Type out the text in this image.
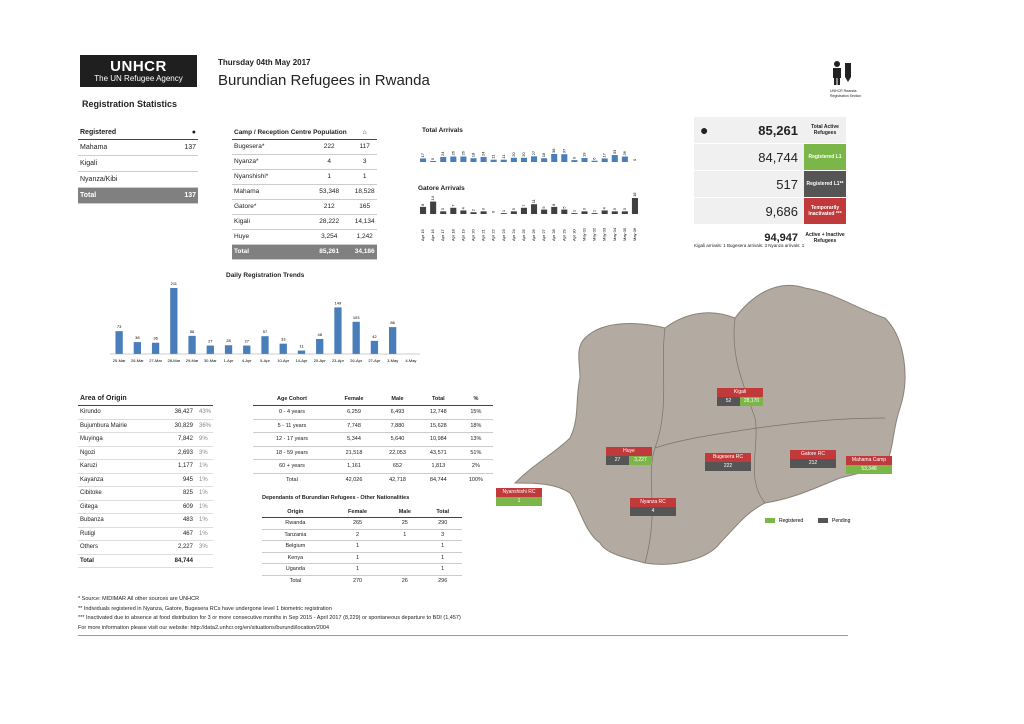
UNHCR
The UN Refugee Agency
Thursday 04th May 2017
Burundian Refugees in Rwanda
Registration Statistics
UNHCR Rwanda Registration Section
Registered	●
Mahama	137
Kigali	
Nyanza/Kibi	
Total	137
Camp / Reception Centre Population		⌂
Bugesera*	222	117
Nyanza*	4	3
Nyanshishi*	1	1
Mahama	53,348	18,528
Gatore*	212	165
Kigali	28,222	14,134
Huye	3,254	1,242
Total	85,261	34,186
Total Arrivals
17
5
24 26 26 18 24
11 11 20 20 27 18
38 37
9
19
6
17
33 26
0
Gatore Arrivals
8
Apr 15
14
Apr 16
3
Apr 17
7
Apr 18
4
Apr 19
2
Apr 20
3
Apr 21
0
Apr 22
1
Apr 23
3
Apr 24
7
Apr 25
11
Apr 26
5
Apr 27
8
Apr 28
5
Apr 29
1
Apr 30
3
May 01
1
May 02
4
May 03
3
May 04
3
May 05
18
May 06
●	85,261	Total Active Refugees
84,744	Registered L1
517	Registered L1**
9,686	Temporarily Inactivated ***
94,947	Active + Inactive Refugees
Kigali arrivals: 1 Bugesera arrivals: 3 Nyanza arrivals: 1
Daily Registration Trends
73
25-Mar
38
26-Mar
36
27-Mar
211
28-Mar
58
29-Mar
27
30-Mar
28
1-Apr
27
4-Apr
57
5-Apr
33
10-Apr
11
14-Apr
48
20-Apr
149
23-Apr
103
26-Apr
42
27-Apr
86
3-May 4-May
Registered	Pending
Kigali
52	28,170
Huye
27	3,227	Bugesera RC
222
Gatore RC
212	Mahama Camp
53,348
Nyanshishi RC
1	Nyanza RC
4
Area of Origin		
Kirundo	36,427	43%
Bujumbura Mairie	30,829	36%
Muyinga	7,842	9%
Ngozi	2,693	3%
Karuzi	1,177	1%
Kayanza	945	1%
Cibitoke	825	1%
Gitega	609	1%
Bubanza	483	1%
Rutigi	467	1%
Others	2,227	3%
Total	84,744	
Age Cohort	Female	Male	Total	%
0 - 4 years	6,259	6,493	12,748	15%
5 - 11 years	7,748	7,880	15,628	18%
12 - 17 years	5,344	5,640	10,984	13%
18 - 59 years	21,518	22,053	43,571	51%
60 + years	1,161	652	1,813	2%
Total	42,026	42,718	84,744	100%
Dependants of Burundian Refugees - Other Nationalities
Origin	Female	Male	Total
Rwanda	265	25	290
Tanzania	2	1	3
Belgium	1		1
Kenya	1		1
Uganda	1		1
Total	270	26	296
* Source: MIDIMAR All other sources are UNHCR
** Individuals registered in Nyanza, Gatore, Bugesera RCs have undergone level 1 biometric registration
*** Inactivated due to absence at food distribution for 3 or more consecutive months in Sep 2015 - April 2017 (8,229) or spontaneous departure to BDI (1,457)
For more information please visit our website: http://data2.unhcr.org/en/situations/burundi/location/2004
